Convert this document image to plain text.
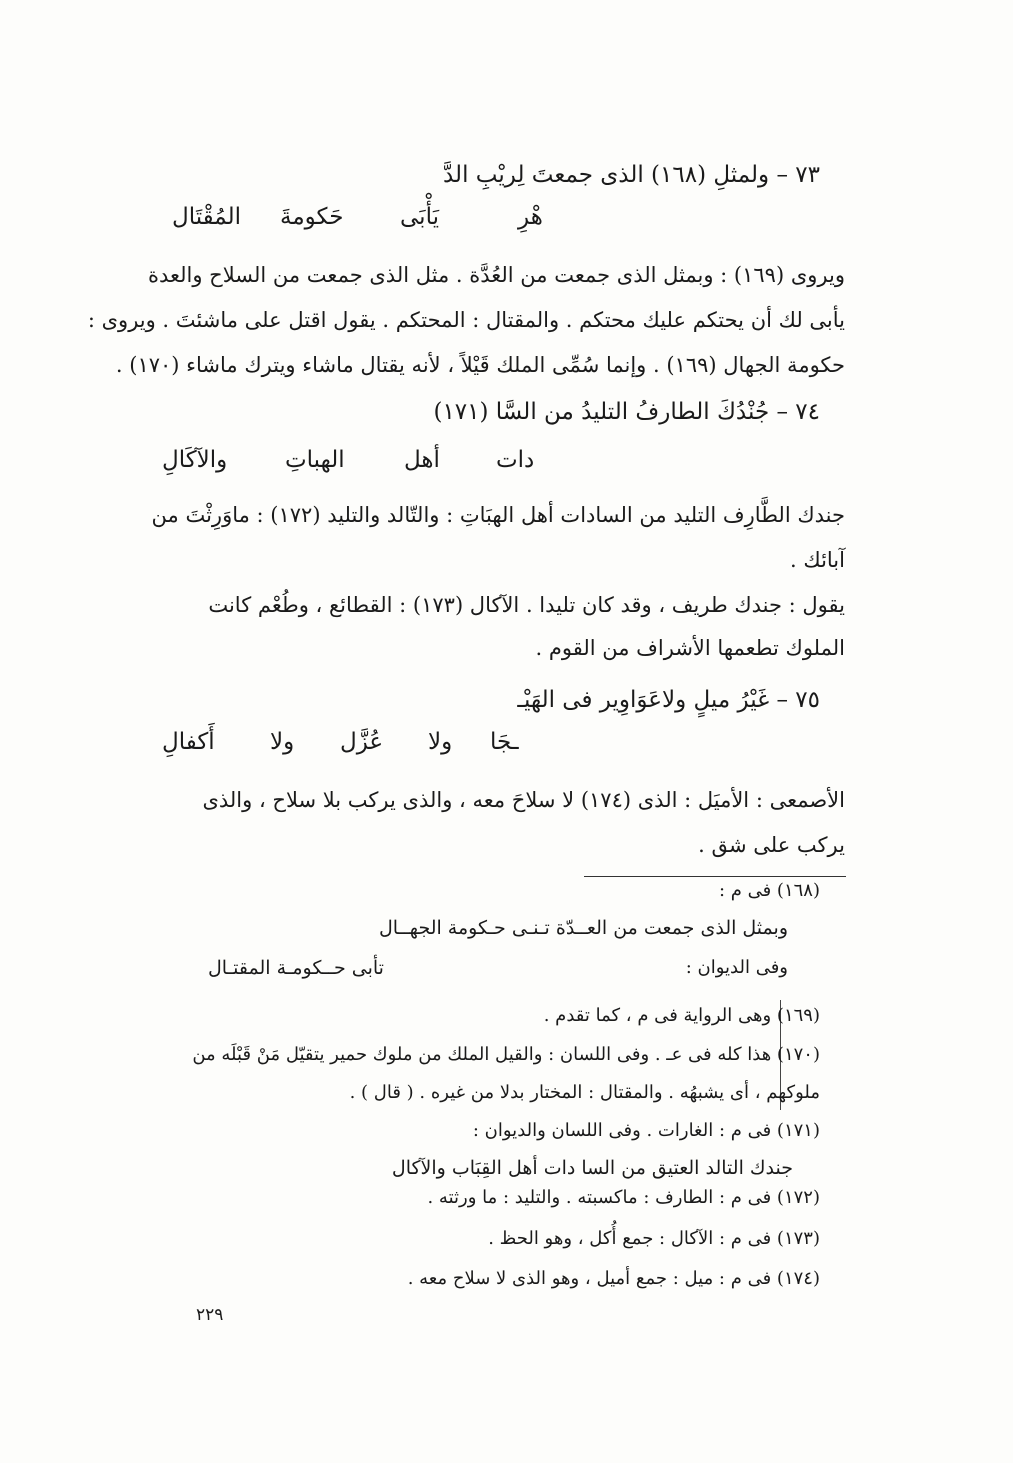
٧٣ – ولمثلِ (١٦٨) الذى جمعتَ لِريْبِ الدَّ
هْرِ
يَأْبَى
حَكومةَ
المُقْتَال
ويروى (١٦٩) : وبمثل الذى جمعت من العُدَّة . مثل الذى جمعت من السلاح والعدة
يأبى لك أن يحتكم عليك محتكم . والمقتال : المحتكم . يقول اقتل على ماشئتَ . ويروى :
حكومة الجهال (١٦٩) . وإنما سُمِّى الملك قَيْلاً ، لأنه يقتال ماشاء ويترك ماشاء (١٧٠) .
٧٤ – جُنْدُكَ الطارفُ التليدُ من السَّا (١٧١)
دات
أهل
الهباتِ
والآكَالِ
جندك الطَّارِف التليد من السادات أهل الهبَاتِ : والتّالد والتليد (١٧٢) : ماوَرِثْتَ من
آبائك .
يقول : جندك طريف ، وقد كان تليدا . الآكال (١٧٣) : القطائع ، وطُعْم كانت
الملوك تطعمها الأشراف من القوم .
٧٥ – غَيْرُ ميلٍ ولاعَوَاوِير فى الهَيْـ
ـجَا
ولا
عُزَّل
ولا
أَكفالِ
الأصمعى : الأميَل : الذى (١٧٤) لا سلاحَ معه ، والذى يركب بلا سلاح ، والذى
يركب على شق .
(١٦٨) فى م :
وبمثل الذى جمعت من العــدّة تـنـى حـكومة الجهــال
وفى الديوان :
تأبى حــكومـة المقتـال
(١٦٩) وهى الرواية فى م ، كما تقدم .
(١٧٠) هذا كله فى عـ . وفى اللسان : والقيل الملك من ملوك حمير يتقيّل مَنْ قَبْلَه من
ملوكهم ، أى يشبهُه . والمقتال : المختار بدلا من غيره . ( قال ) .
(١٧١) فى م : الغارات . وفى اللسان والديوان :
جندك التالد العتيق من السا دات أهل القِبَاب والآكال
(١٧٢) فى م : الطارف : ماكسبته . والتليد : ما ورثته .
(١٧٣) فى م : الآكال : جمع أُكل ، وهو الحظ .
(١٧٤) فى م : ميل : جمع أميل ، وهو الذى لا سلاح معه .
٢٢٩
